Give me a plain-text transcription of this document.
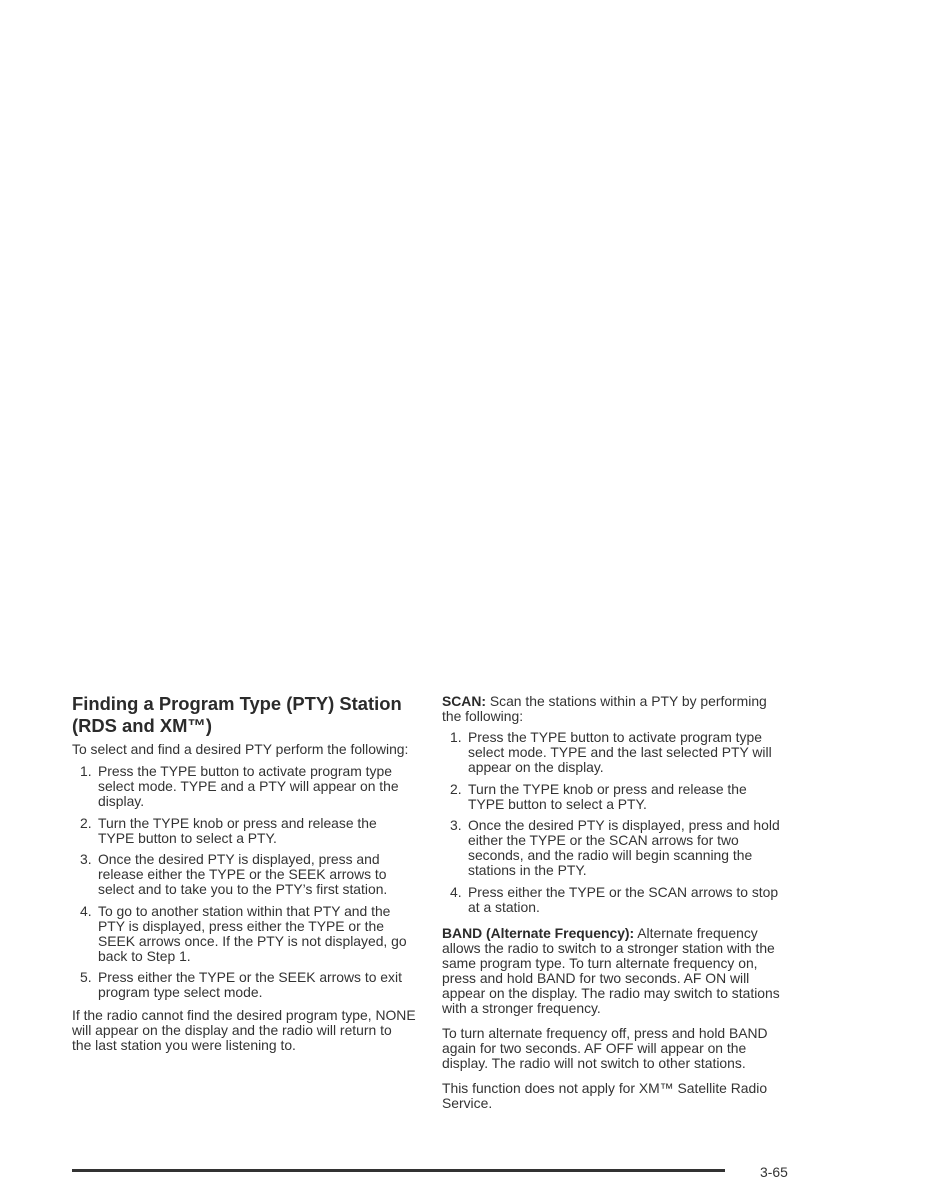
Finding a Program Type (PTY) Station
(RDS and XM™)

To select and find a desired PTY perform the following:

1. Press the TYPE button to activate program type
select mode. TYPE and a PTY will appear on the
display.
2. Turn the TYPE knob or press and release the
TYPE button to select a PTY.
3. Once the desired PTY is displayed, press and
release either the TYPE or the SEEK arrows to
select and to take you to the PTY’s first station.
4. To go to another station within that PTY and the
PTY is displayed, press either the TYPE or the
SEEK arrows once. If the PTY is not displayed, go
back to Step 1.
5. Press either the TYPE or the SEEK arrows to exit
program type select mode.

If the radio cannot find the desired program type, NONE
will appear on the display and the radio will return to
the last station you were listening to.

SCAN: Scan the stations within a PTY by performing
the following:

1. Press the TYPE button to activate program type
select mode. TYPE and the last selected PTY will
appear on the display.
2. Turn the TYPE knob or press and release the
TYPE button to select a PTY.
3. Once the desired PTY is displayed, press and hold
either the TYPE or the SCAN arrows for two
seconds, and the radio will begin scanning the
stations in the PTY.
4. Press either the TYPE or the SCAN arrows to stop
at a station.

BAND (Alternate Frequency): Alternate frequency
allows the radio to switch to a stronger station with the
same program type. To turn alternate frequency on,
press and hold BAND for two seconds. AF ON will
appear on the display. The radio may switch to stations
with a stronger frequency.

To turn alternate frequency off, press and hold BAND
again for two seconds. AF OFF will appear on the
display. The radio will not switch to other stations.

This function does not apply for XM™ Satellite Radio
Service.

3-65
